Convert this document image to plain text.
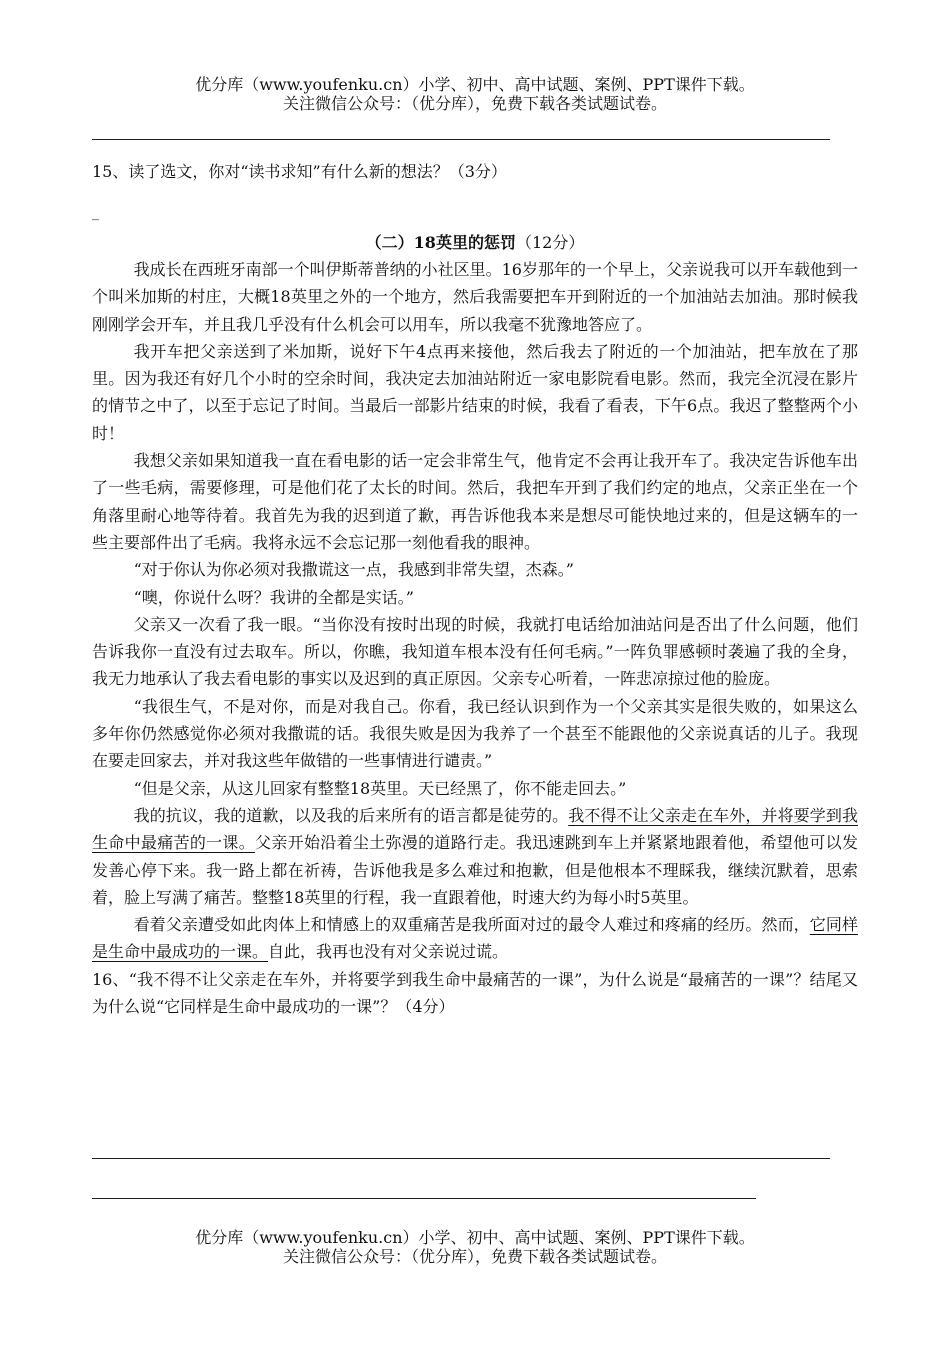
优分库（www.youfenku.cn）小学、初中、高中试题、案例、PPT课件下载。
关注微信公众号：（优分库），免费下载各类试题试卷。
15、读了选文，你对“读书求知”有什么新的想法？（3分）
_
（二）18英里的惩罚（12分）

我成长在西班牙南部一个叫伊斯蒂普纳的小社区里。16岁那年的一个早上，父亲说我可以开车载他到一个叫米加斯的村庄，大概18英里之外的一个地方，然后我需要把车开到附近的一个加油站去加油。那时候我刚刚学会开车，并且我几乎没有什么机会可以用车，所以我毫不犹豫地答应了。

我开车把父亲送到了米加斯，说好下午4点再来接他，然后我去了附近的一个加油站，把车放在了那里。因为我还有好几个小时的空余时间，我决定去加油站附近一家电影院看电影。然而，我完全沉浸在影片的情节之中了，以至于忘记了时间。当最后一部影片结束的时候，我看了看表，下午6点。我迟了整整两个小时！

我想父亲如果知道我一直在看电影的话一定会非常生气，他肯定不会再让我开车了。我决定告诉他车出了一些毛病，需要修理，可是他们花了太长的时间。然后，我把车开到了我们约定的地点，父亲正坐在一个角落里耐心地等待着。我首先为我的迟到道了歉，再告诉他我本来是想尽可能快地过来的，但是这辆车的一些主要部件出了毛病。我将永远不会忘记那一刻他看我的眼神。

“对于你认为你必须对我撒谎这一点，我感到非常失望，杰森。”

“噢，你说什么呀？我讲的全都是实话。”

父亲又一次看了我一眼。“当你没有按时出现的时候，我就打电话给加油站问是否出了什么问题，他们告诉我你一直没有过去取车。所以，你瞧，我知道车根本没有任何毛病。”一阵负罪感顿时袭遍了我的全身，我无力地承认了我去看电影的事实以及迟到的真正原因。父亲专心听着，一阵悲凉掠过他的脸庞。

“我很生气，不是对你，而是对我自己。你看，我已经认识到作为一个父亲其实是很失败的，如果这么多年你仍然感觉你必须对我撒谎的话。我很失败是因为我养了一个甚至不能跟他的父亲说真话的儿子。我现在要走回家去，并对我这些年做错的一些事情进行谴责。”

“但是父亲，从这儿回家有整整18英里。天已经黑了，你不能走回去。”

我的抗议，我的道歉，以及我的后来所有的语言都是徒劳的。我不得不让父亲走在车外，并将要学到我生命中最痛苦的一课。父亲开始沿着尘土弥漫的道路行走。我迅速跳到车上并紧紧地跟着他，希望他可以发发善心停下来。我一路上都在祈祷，告诉他我是多么难过和抱歉，但是他根本不理睬我，继续沉默着，思索着，脸上写满了痛苦。整整18英里的行程，我一直跟着他，时速大约为每小时5英里。

看着父亲遭受如此肉体上和情感上的双重痛苦是我所面对过的最令人难过和疼痛的经历。然而，它同样是生命中最成功的一课。自此，我再也没有对父亲说过谎。

16、“我不得不让父亲走在车外，并将要学到我生命中最痛苦的一课”，为什么说是“最痛苦的一课”？结尾又为什么说“它同样是生命中最成功的一课”？（4分）

优分库（www.youfenku.cn）小学、初中、高中试题、案例、PPT课件下载。
关注微信公众号：（优分库），免费下载各类试题试卷。
